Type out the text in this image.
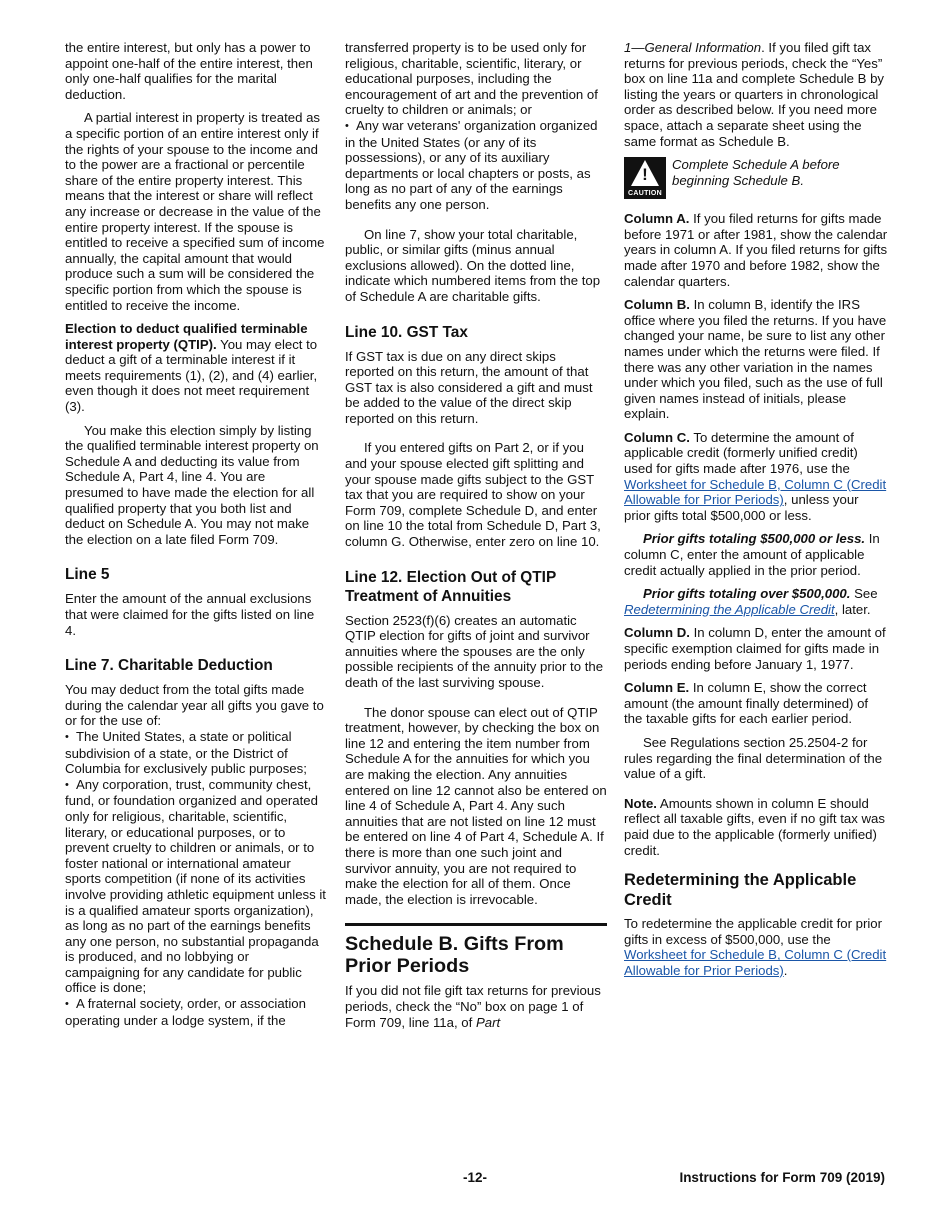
the entire interest, but only has a power to appoint one-half of the entire interest, then only one-half qualifies for the marital deduction.

A partial interest in property is treated as a specific portion of an entire interest only if the rights of your spouse to the income and to the power are a fractional or percentile share of the entire property interest. This means that the interest or share will reflect any increase or decrease in the value of the entire property interest. If the spouse is entitled to receive a specified sum of income annually, the capital amount that would produce such a sum will be considered the specific portion from which the spouse is entitled to receive the income.

Election to deduct qualified terminable interest property (QTIP). You may elect to deduct a gift of a terminable interest if it meets requirements (1), (2), and (4) earlier, even though it does not meet requirement (3).

You make this election simply by listing the qualified terminable interest property on Schedule A and deducting its value from Schedule A, Part 4, line 4. You are presumed to have made the election for all qualified property that you both list and deduct on Schedule A. You may not make the election on a late filed Form 709.

Line 5

Enter the amount of the annual exclusions that were claimed for the gifts listed on line 4.

Line 7. Charitable Deduction

You may deduct from the total gifts made during the calendar year all gifts you gave to or for the use of:

• The United States, a state or political subdivision of a state, or the District of Columbia for exclusively public purposes;

• Any corporation, trust, community chest, fund, or foundation organized and operated only for religious, charitable, scientific, literary, or educational purposes, or to prevent cruelty to children or animals, or to foster national or international amateur sports competition (if none of its activities involve providing athletic equipment unless it is a qualified amateur sports organization), as long as no part of the earnings benefits any one person, no substantial propaganda is produced, and no lobbying or campaigning for any candidate for public office is done;

• A fraternal society, order, or association operating under a lodge system, if the

transferred property is to be used only for religious, charitable, scientific, literary, or educational purposes, including the encouragement of art and the prevention of cruelty to children or animals; or

• Any war veterans' organization organized in the United States (or any of its possessions), or any of its auxiliary departments or local chapters or posts, as long as no part of any of the earnings benefits any one person.

On line 7, show your total charitable, public, or similar gifts (minus annual exclusions allowed). On the dotted line, indicate which numbered items from the top of Schedule A are charitable gifts.

Line 10. GST Tax

If GST tax is due on any direct skips reported on this return, the amount of that GST tax is also considered a gift and must be added to the value of the direct skip reported on this return.

If you entered gifts on Part 2, or if you and your spouse elected gift splitting and your spouse made gifts subject to the GST tax that you are required to show on your Form 709, complete Schedule D, and enter on line 10 the total from Schedule D, Part 3, column G. Otherwise, enter zero on line 10.

Line 12. Election Out of QTIP Treatment of Annuities

Section 2523(f)(6) creates an automatic QTIP election for gifts of joint and survivor annuities where the spouses are the only possible recipients of the annuity prior to the death of the last surviving spouse.

The donor spouse can elect out of QTIP treatment, however, by checking the box on line 12 and entering the item number from Schedule A for the annuities for which you are making the election. Any annuities entered on line 12 cannot also be entered on line 4 of Schedule A, Part 4. Any such annuities that are not listed on line 12 must be entered on line 4 of Part 4, Schedule A. If there is more than one such joint and survivor annuity, you are not required to make the election for all of them. Once made, the election is irrevocable.

Schedule B. Gifts From Prior Periods

If you did not file gift tax returns for previous periods, check the “No” box on page 1 of Form 709, line 11a, of Part

1—General Information. If you filed gift tax returns for previous periods, check the “Yes” box on line 11a and complete Schedule B by listing the years or quarters in chronological order as described below. If you need more space, attach a separate sheet using the same format as Schedule B.

!
CAUTION
Complete Schedule A before beginning Schedule B.

Column A. If you filed returns for gifts made before 1971 or after 1981, show the calendar years in column A. If you filed returns for gifts made after 1970 and before 1982, show the calendar quarters.

Column B. In column B, identify the IRS office where you filed the returns. If you have changed your name, be sure to list any other names under which the returns were filed. If there was any other variation in the names under which you filed, such as the use of full given names instead of initials, please explain.

Column C. To determine the amount of applicable credit (formerly unified credit) used for gifts made after 1976, use the Worksheet for Schedule B, Column C (Credit Allowable for Prior Periods), unless your prior gifts total $500,000 or less.

Prior gifts totaling $500,000 or less. In column C, enter the amount of applicable credit actually applied in the prior period.

Prior gifts totaling over $500,000. See Redetermining the Applicable Credit, later.

Column D. In column D, enter the amount of specific exemption claimed for gifts made in periods ending before January 1, 1977.

Column E. In column E, show the correct amount (the amount finally determined) of the taxable gifts for each earlier period.

See Regulations section 25.2504-2 for rules regarding the final determination of the value of a gift.

Note. Amounts shown in column E should reflect all taxable gifts, even if no gift tax was paid due to the applicable (formerly unified) credit.

Redetermining the Applicable Credit

To redetermine the applicable credit for prior gifts in excess of $500,000, use the Worksheet for Schedule B, Column C (Credit Allowable for Prior Periods).

-12-	Instructions for Form 709 (2019)
